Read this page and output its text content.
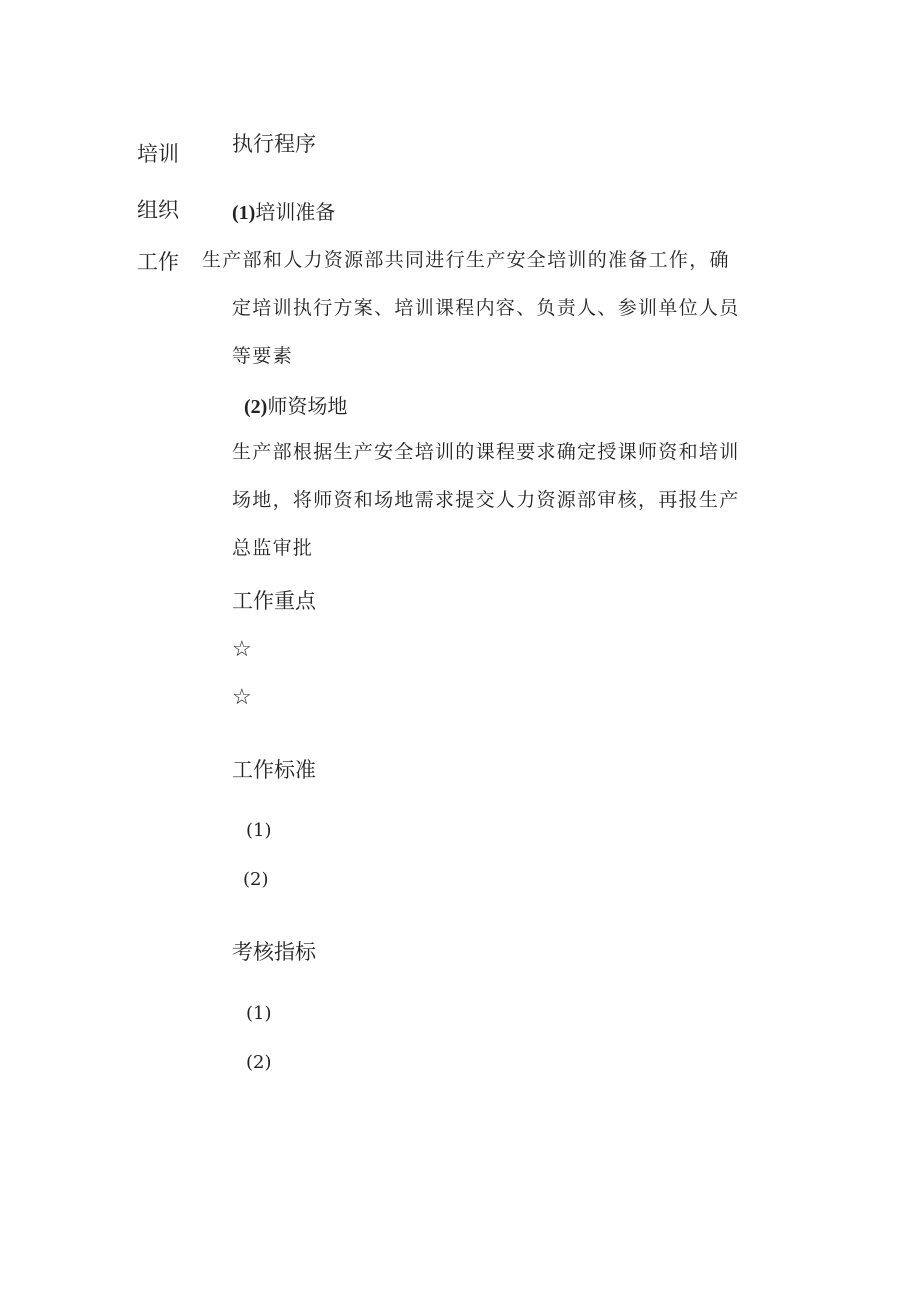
培训
组织
工作
执行程序
(1)培训准备
生产部和人力资源部共同进行生产安全培训的准备工作，确
定培训执行方案、培训课程内容、负责人、参训单位人员
等要素
(2)师资场地
生产部根据生产安全培训的课程要求确定授课师资和培训
场地，将师资和场地需求提交人力资源部审核，再报生产
总监审批
工作重点
☆
☆
工作标准
(1)
(2)
考核指标
(1)
(2)
